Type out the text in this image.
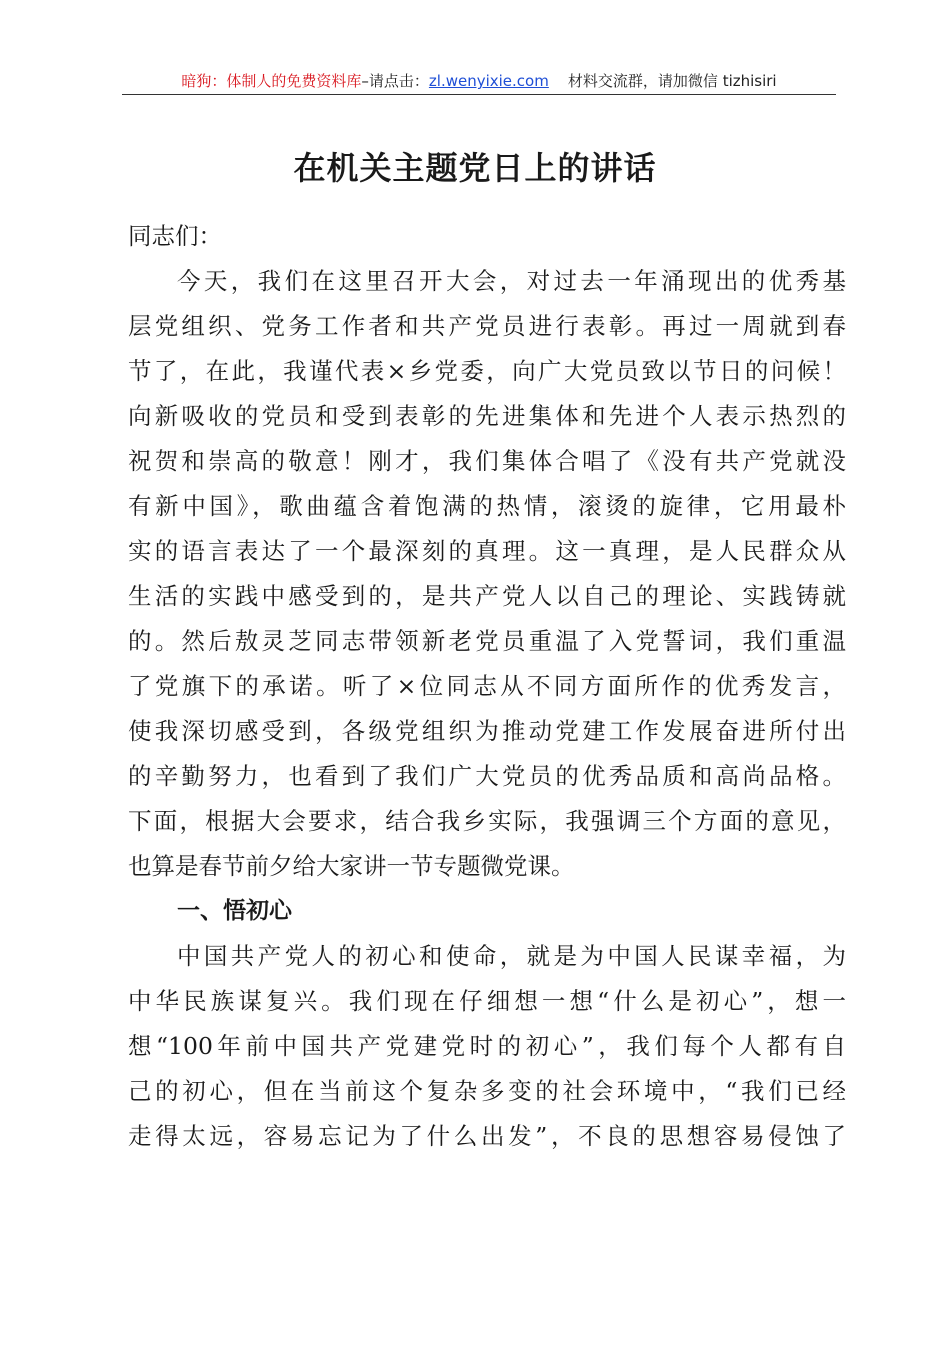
暗狗：体制人的免费资料库–请点击：zl.wenyixie.com 材料交流群，请加微信 tizhisiri
在机关主题党日上的讲话

同志们：

今天，我们在这里召开大会，对过去一年涌现出的优秀基
层党组织、党务工作者和共产党员进行表彰。再过一周就到春
节了，在此，我谨代表×乡党委，向广大党员致以节日的问候！
向新吸收的党员和受到表彰的先进集体和先进个人表示热烈的
祝贺和崇高的敬意！刚才，我们集体合唱了《没有共产党就没
有新中国》，歌曲蕴含着饱满的热情，滚烫的旋律，它用最朴
实的语言表达了一个最深刻的真理。这一真理，是人民群众从
生活的实践中感受到的，是共产党人以自己的理论、实践铸就
的。然后敖灵芝同志带领新老党员重温了入党誓词，我们重温
了党旗下的承诺。听了×位同志从不同方面所作的优秀发言，
使我深切感受到，各级党组织为推动党建工作发展奋进所付出
的辛勤努力，也看到了我们广大党员的优秀品质和高尚品格。
下面，根据大会要求，结合我乡实际，我强调三个方面的意见，
也算是春节前夕给大家讲一节专题微党课。

一、悟初心

中国共产党人的初心和使命，就是为中国人民谋幸福，为
中华民族谋复兴。我们现在仔细想一想“什么是初心”，想一
想“100年前中国共产党建党时的初心”，我们每个人都有自
己的初心，但在当前这个复杂多变的社会环境中，“我们已经
走得太远，容易忘记为了什么出发”，不良的思想容易侵蚀了
